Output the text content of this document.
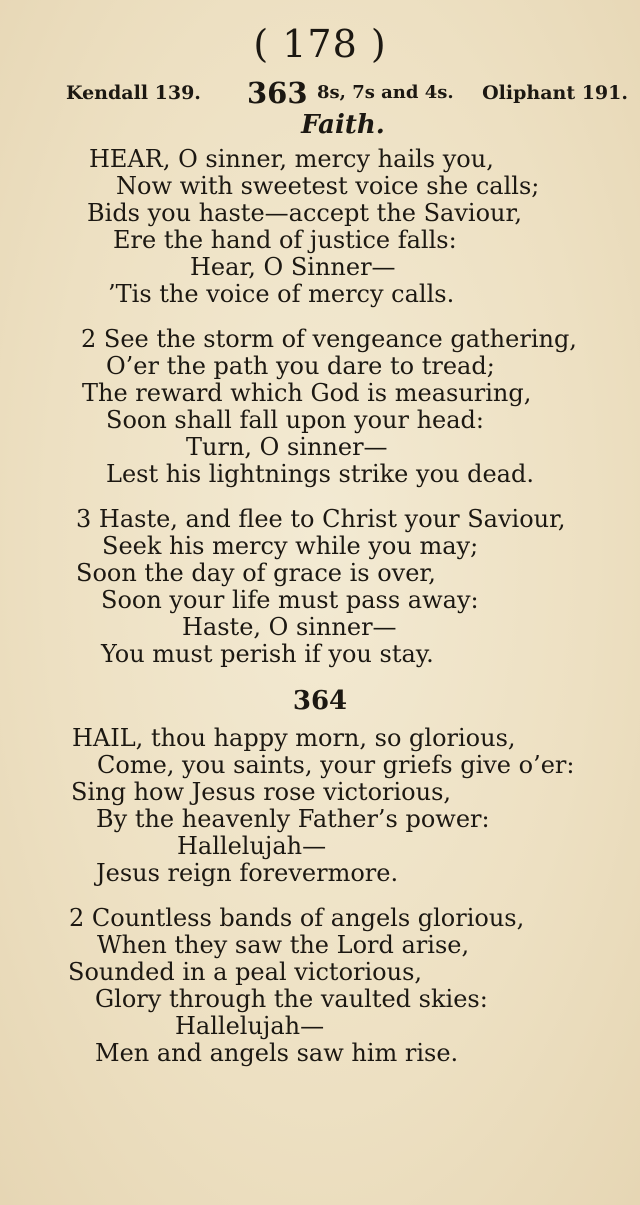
( 178 )
Kendall 139. 363 8s, 7s and 4s. Oliphant 191.
Faith.
HEAR, O sinner, mercy hails you,
Now with sweetest voice she calls;
Bids you haste—accept the Saviour,
Ere the hand of justice falls:
Hear, O Sinner—
’Tis the voice of mercy calls.
2 See the storm of vengeance gathering,
O’er the path you dare to tread;
The reward which God is measuring,
Soon shall fall upon your head:
Turn, O sinner—
Lest his lightnings strike you dead.
3 Haste, and flee to Christ your Saviour,
Seek his mercy while you may;
Soon the day of grace is over,
Soon your life must pass away:
Haste, O sinner—
You must perish if you stay.
364
HAIL, thou happy morn, so glorious,
Come, you saints, your griefs give o’er:
Sing how Jesus rose victorious,
By the heavenly Father’s power:
Hallelujah—
Jesus reign forevermore.
2 Countless bands of angels glorious,
When they saw the Lord arise,
Sounded in a peal victorious,
Glory through the vaulted skies:
Hallelujah—
Men and angels saw him rise.
